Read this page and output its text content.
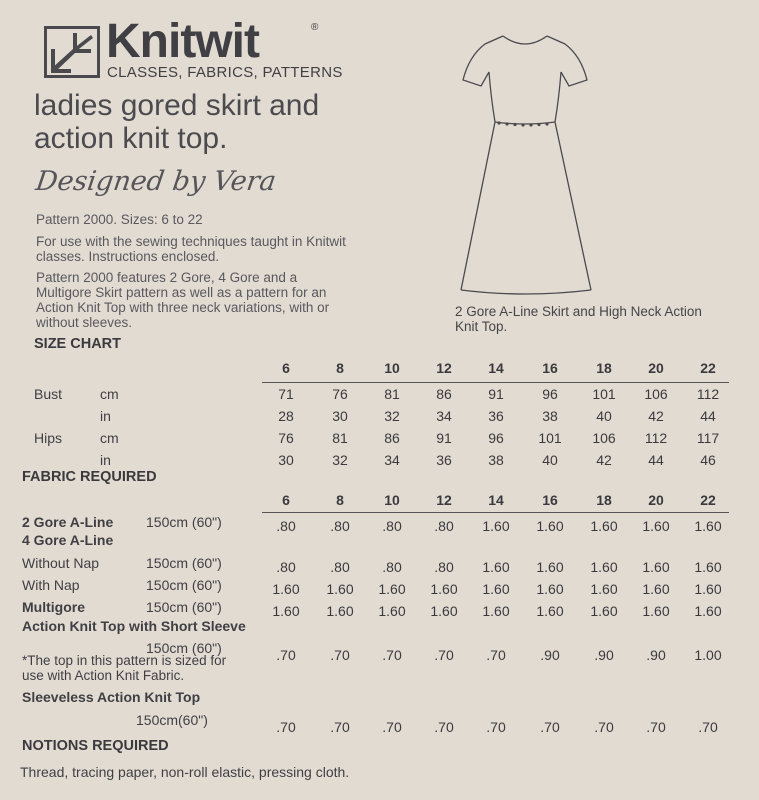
Knitwit	®
CLASSES, FABRICS, PATTERNS
ladies gored skirt and
action knit top.
Designed by Vera
Pattern 2000. Sizes: 6 to 22
For use with the sewing techniques taught in Knitwit classes. Instructions enclosed.
Pattern 2000 features 2 Gore, 4 Gore and a Multigore Skirt pattern as well as a pattern for an Action Knit Top with three neck variations, with or without sleeves.
2 Gore A-Line Skirt and High Neck Action Knit Top.
SIZE CHART
6	8	10	12	14	16	18	20	22
Bust	cm	71	76	81	86	91	96	101	106	112
in	28	30	32	34	36	38	40	42	44
Hips	cm	76	81	86	91	96	101	106	112	117
in	30	32	34	36	38	40	42	44	46
FABRIC REQUIRED
6	8	10	12	14	16	18	20	22
2 Gore A-Line 150cm (60")	.80	.80	.80	.80	1.60	1.60	1.60	1.60	1.60
4 Gore A-Line
Without Nap	150cm (60")	.80	.80	.80	.80	1.60	1.60	1.60	1.60	1.60
With Nap	150cm (60")	1.60	1.60	1.60	1.60	1.60	1.60	1.60	1.60	1.60
Multigore	150cm (60")	1.60	1.60	1.60	1.60	1.60	1.60	1.60	1.60	1.60
Action Knit Top with Short Sleeve
150cm (60")	.70	.70	.70	.70	.70	.90	.90	.90	1.00
Sleeveless Action Knit Top
150cm(60")	.70	.70	.70	.70	.70	.70	.70	.70	.70
*The top in this pattern is sized for use with Action Knit Fabric.
NOTIONS REQUIRED
Thread, tracing paper, non-roll elastic, pressing cloth.
